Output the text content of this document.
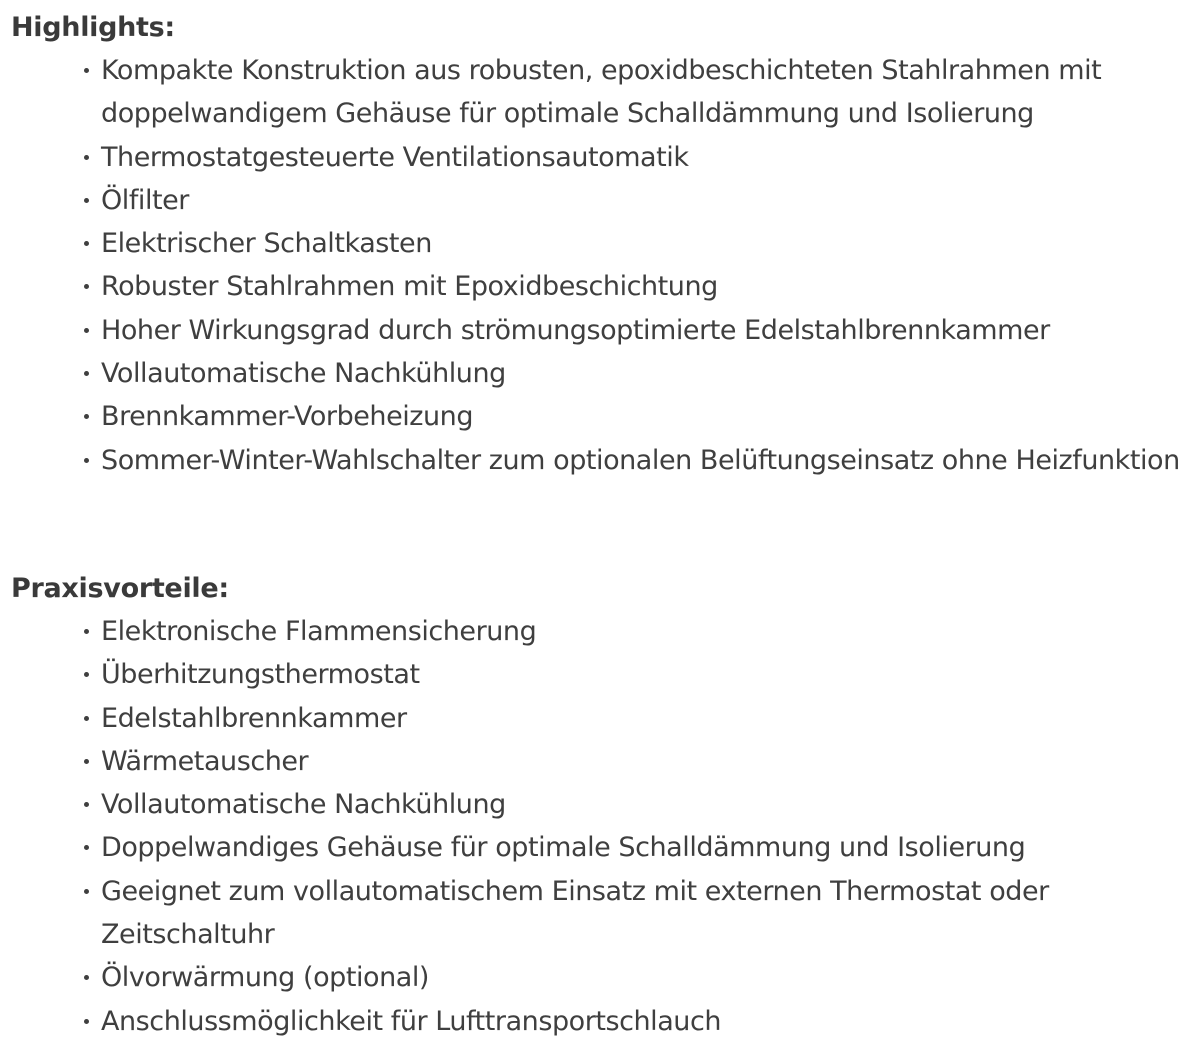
Highlights:
Kompakte Konstruktion aus robusten, epoxidbeschichteten Stahlrahmen mit doppelwandigem Gehäuse für optimale Schalldämmung und Isolierung
Thermostatgesteuerte Ventilationsautomatik
Ölfilter
Elektrischer Schaltkasten
Robuster Stahlrahmen mit Epoxidbeschichtung
Hoher Wirkungsgrad durch strömungsoptimierte Edelstahlbrennkammer
Vollautomatische Nachkühlung
Brennkammer-Vorbeheizung
Sommer-Winter-Wahlschalter zum optionalen Belüftungseinsatz ohne Heizfunktion
Praxisvorteile:
Elektronische Flammensicherung
Überhitzungsthermostat
Edelstahlbrennkammer
Wärmetauscher
Vollautomatische Nachkühlung
Doppelwandiges Gehäuse für optimale Schalldämmung und Isolierung
Geeignet zum vollautomatischem Einsatz mit externen Thermostat oder Zeitschaltuhr
Ölvorwärmung (optional)
Anschlussmöglichkeit für Lufttransportschlauch
